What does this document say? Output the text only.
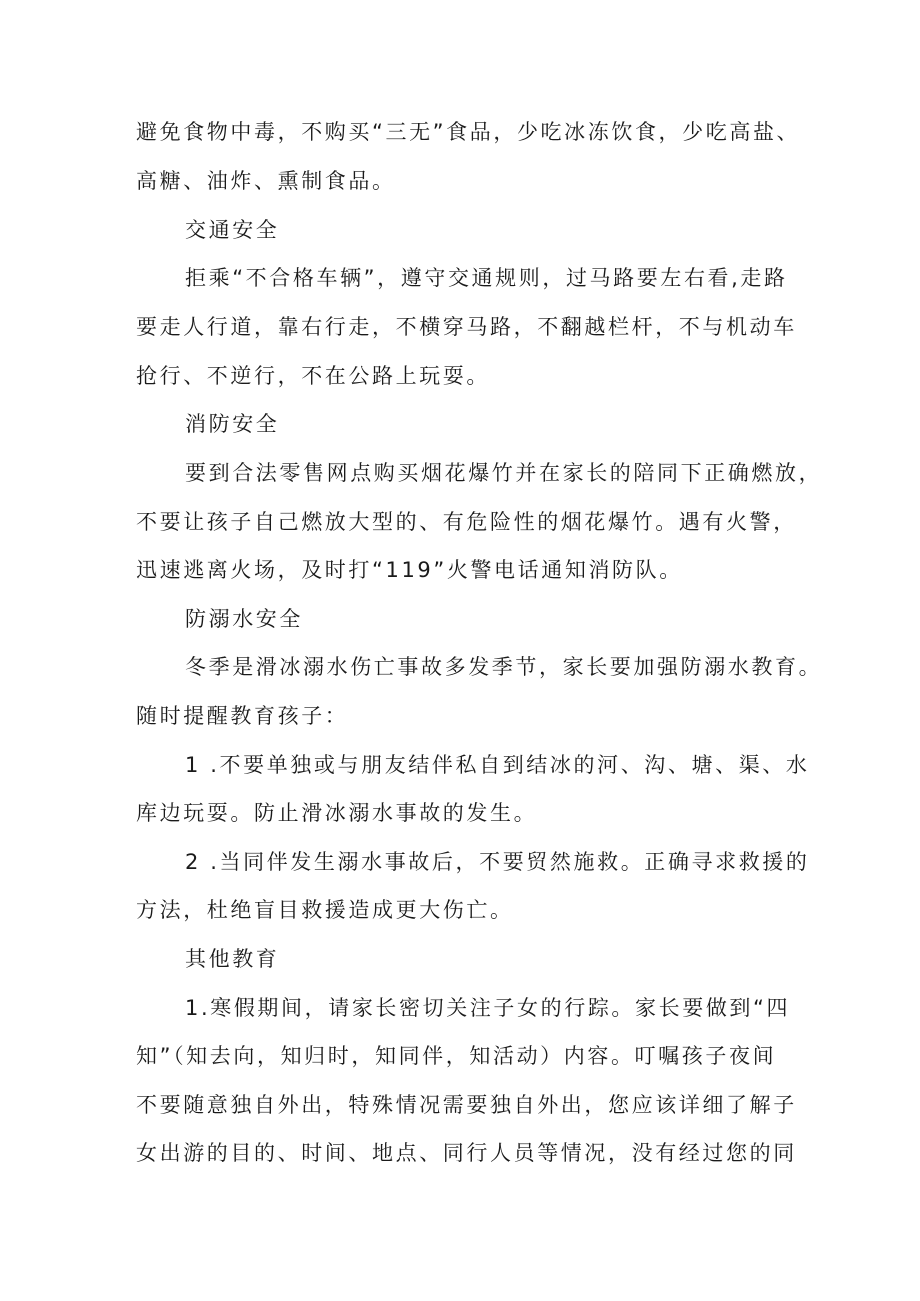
避免食物中毒，不购买“三无”食品，少吃冰冻饮食，少吃高盐、
高糖、油炸、熏制食品。
交通安全
拒乘“不合格车辆”，遵守交通规则，过马路要左右看,走路
要走人行道，靠右行走，不横穿马路，不翻越栏杆，不与机动车
抢行、不逆行，不在公路上玩耍。
消防安全
要到合法零售网点购买烟花爆竹并在家长的陪同下正确燃放，
不要让孩子自己燃放大型的、有危险性的烟花爆竹。遇有火警，
迅速逃离火场，及时打“119”火警电话通知消防队。
防溺水安全
冬季是滑冰溺水伤亡事故多发季节，家长要加强防溺水教育。
随时提醒教育孩子：
1 .不要单独或与朋友结伴私自到结冰的河、沟、塘、渠、水
库边玩耍。防止滑冰溺水事故的发生。
2 .当同伴发生溺水事故后，不要贸然施救。正确寻求救援的
方法，杜绝盲目救援造成更大伤亡。
其他教育
1.寒假期间，请家长密切关注子女的行踪。家长要做到“四
知”（知去向，知归时，知同伴，知活动）内容。叮嘱孩子夜间
不要随意独自外出，特殊情况需要独自外出，您应该详细了解子
女出游的目的、时间、地点、同行人员等情况，没有经过您的同
